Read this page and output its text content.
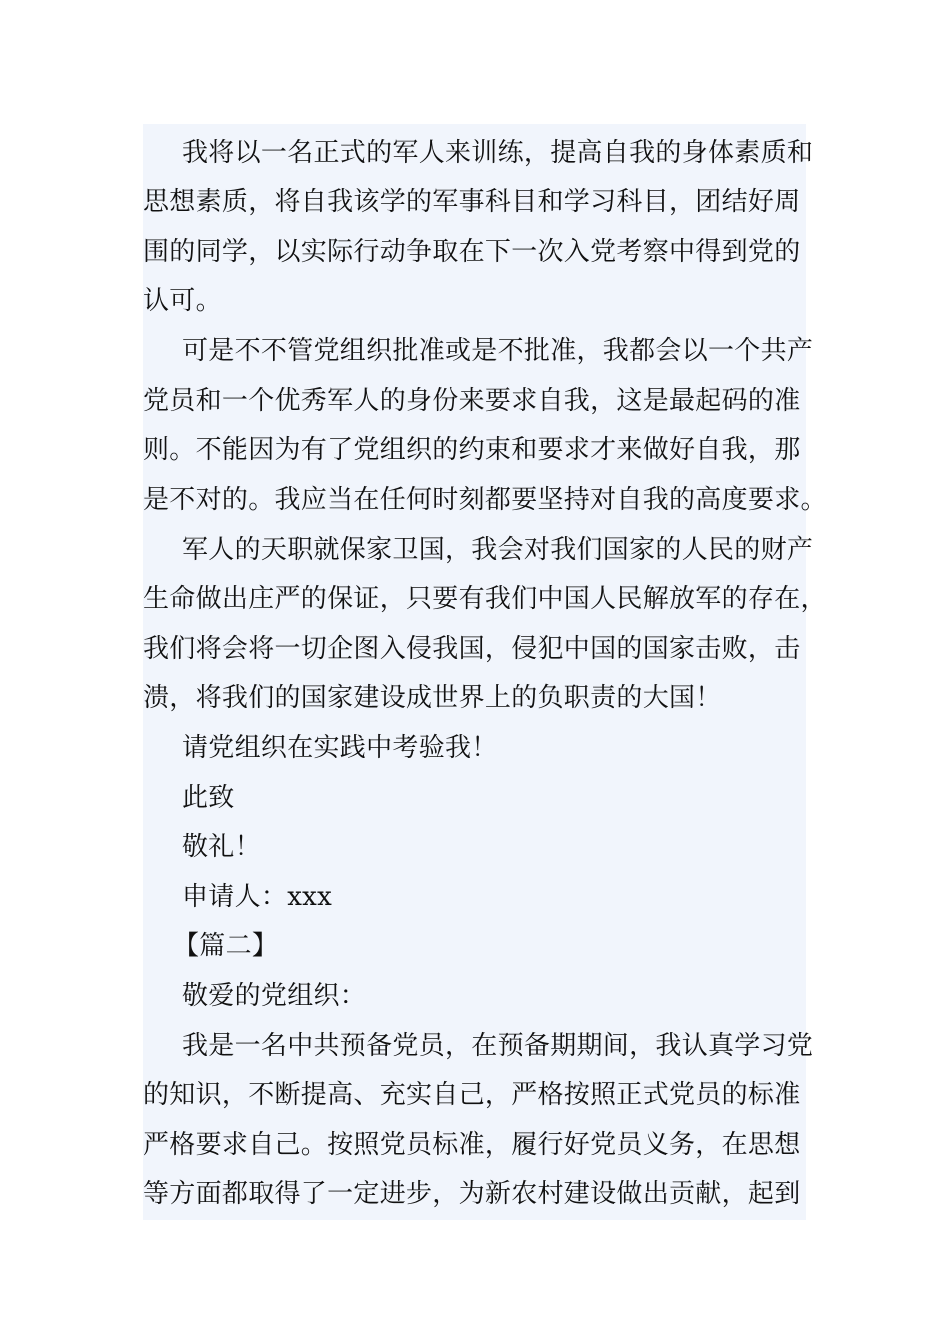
我将以一名正式的军人来训练，提高自我的身体素质和
思想素质，将自我该学的军事科目和学习科目，团结好周
围的同学，以实际行动争取在下一次入党考察中得到党的
认可。
可是不不管党组织批准或是不批准，我都会以一个共产
党员和一个优秀军人的身份来要求自我，这是最起码的准
则。不能因为有了党组织的约束和要求才来做好自我，那
是不对的。我应当在任何时刻都要坚持对自我的高度要求。
军人的天职就保家卫国，我会对我们国家的人民的财产
生命做出庄严的保证，只要有我们中国人民解放军的存在，
我们将会将一切企图入侵我国，侵犯中国的国家击败，击
溃，将我们的国家建设成世界上的负职责的大国！
请党组织在实践中考验我！
此致
敬礼！
申请人：xxx
【篇二】
敬爱的党组织：
我是一名中共预备党员，在预备期期间，我认真学习党
的知识，不断提高、充实自己，严格按照正式党员的标准
严格要求自己。按照党员标准，履行好党员义务，在思想
等方面都取得了一定进步，为新农村建设做出贡献，起到
